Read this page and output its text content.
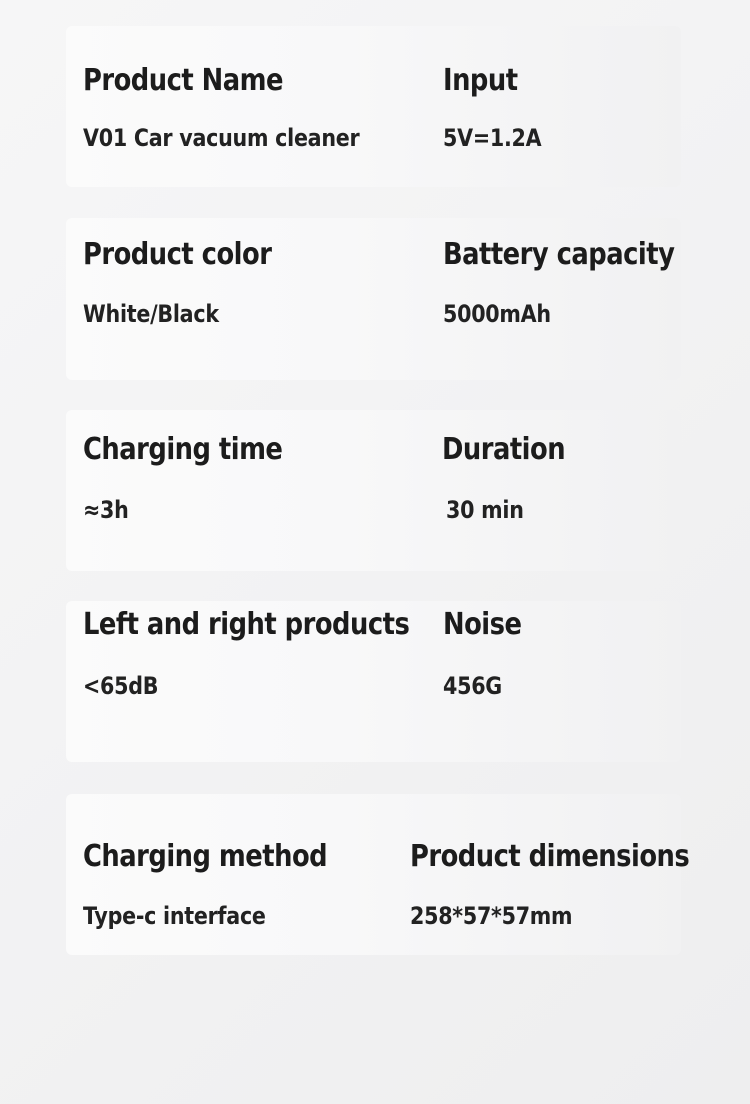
Product Name
V01 Car vacuum cleaner
Input
5V=1.2A
Product color
White/Black
Battery capacity
5000mAh
Charging time
≈3h
Duration
30 min
Left and right products
<65dB
Noise
456G
Charging method
Type-c interface
Product dimensions
258*57*57mm
